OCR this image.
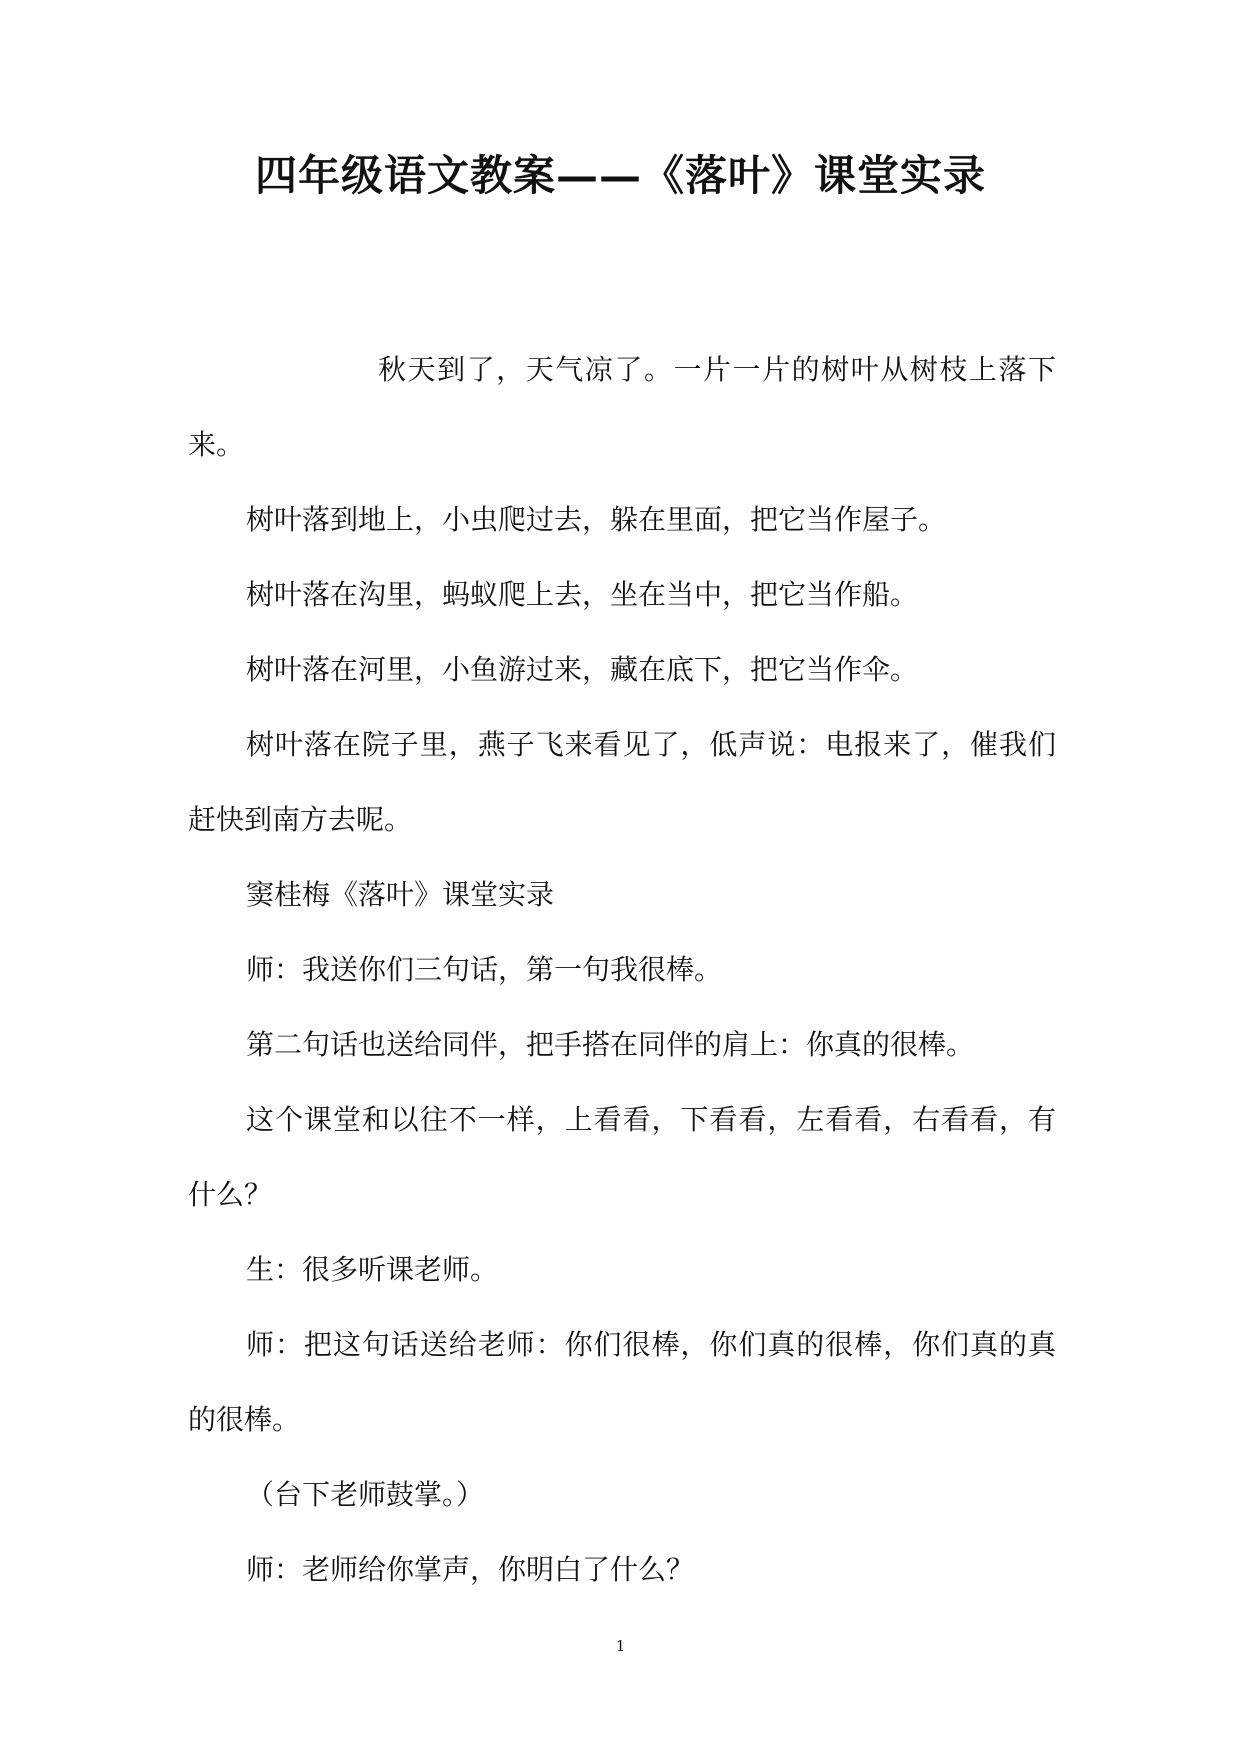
四年级语文教案——《落叶》课堂实录

秋天到了，天气凉了。一片一片的树叶从树枝上落下来。

树叶落到地上，小虫爬过去，躲在里面，把它当作屋子。

树叶落在沟里，蚂蚁爬上去，坐在当中，把它当作船。

树叶落在河里，小鱼游过来，藏在底下，把它当作伞。

树叶落在院子里，燕子飞来看见了，低声说：电报来了，催我们赶快到南方去呢。

窦桂梅《落叶》课堂实录

师：我送你们三句话，第一句我很棒。

第二句话也送给同伴，把手搭在同伴的肩上：你真的很棒。

这个课堂和以往不一样，上看看，下看看，左看看，右看看，有什么？

生：很多听课老师。

师：把这句话送给老师：你们很棒，你们真的很棒，你们真的真的很棒。

（台下老师鼓掌。）

师：老师给你掌声，你明白了什么？

1
